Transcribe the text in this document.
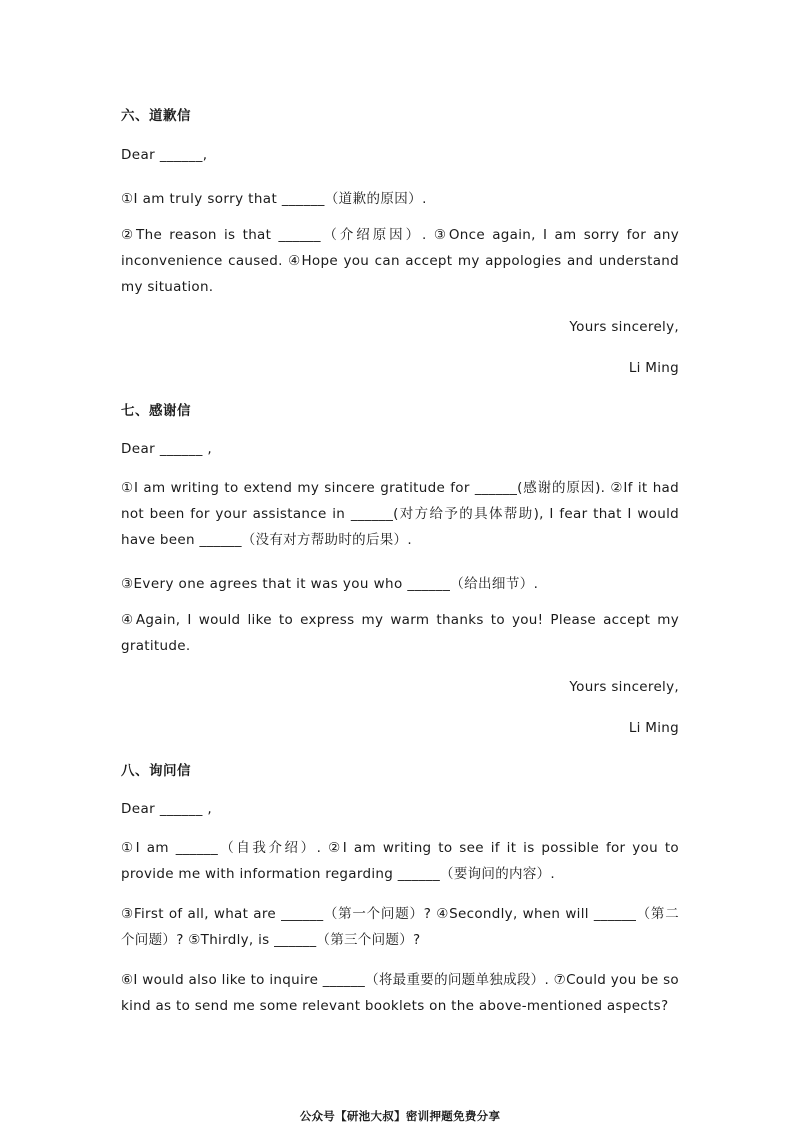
六、道歉信
Dear ______,
①I am truly sorry that ______（道歉的原因）.
②The reason is that ______（介绍原因）. ③Once again, I am sorry for any inconvenience caused. ④Hope you can accept my appologies and understand my situation.
Yours sincerely,
Li Ming
七、感谢信
Dear ______ ,
①I am writing to extend my sincere gratitude for ______(感谢的原因). ②If it had not been for your assistance in ______(对方给予的具体帮助), I fear that I would have been ______（没有对方帮助时的后果）.
③Every one agrees that it was you who ______（给出细节）.
④Again, I would like to express my warm thanks to you! Please accept my gratitude.
Yours sincerely,
Li Ming
八、询问信
Dear ______ ,
①I am ______（自我介绍）. ②I am writing to see if it is possible for you to provide me with information regarding ______（要询问的内容）.
③First of all, what are ______（第一个问题）? ④Secondly, when will ______（第二个问题）? ⑤Thirdly, is ______（第三个问题）?
⑥I would also like to inquire ______（将最重要的问题单独成段）. ⑦Could you be so kind as to send me some relevant booklets on the above-mentioned aspects?
公众号【研池大叔】密训押题免费分享
